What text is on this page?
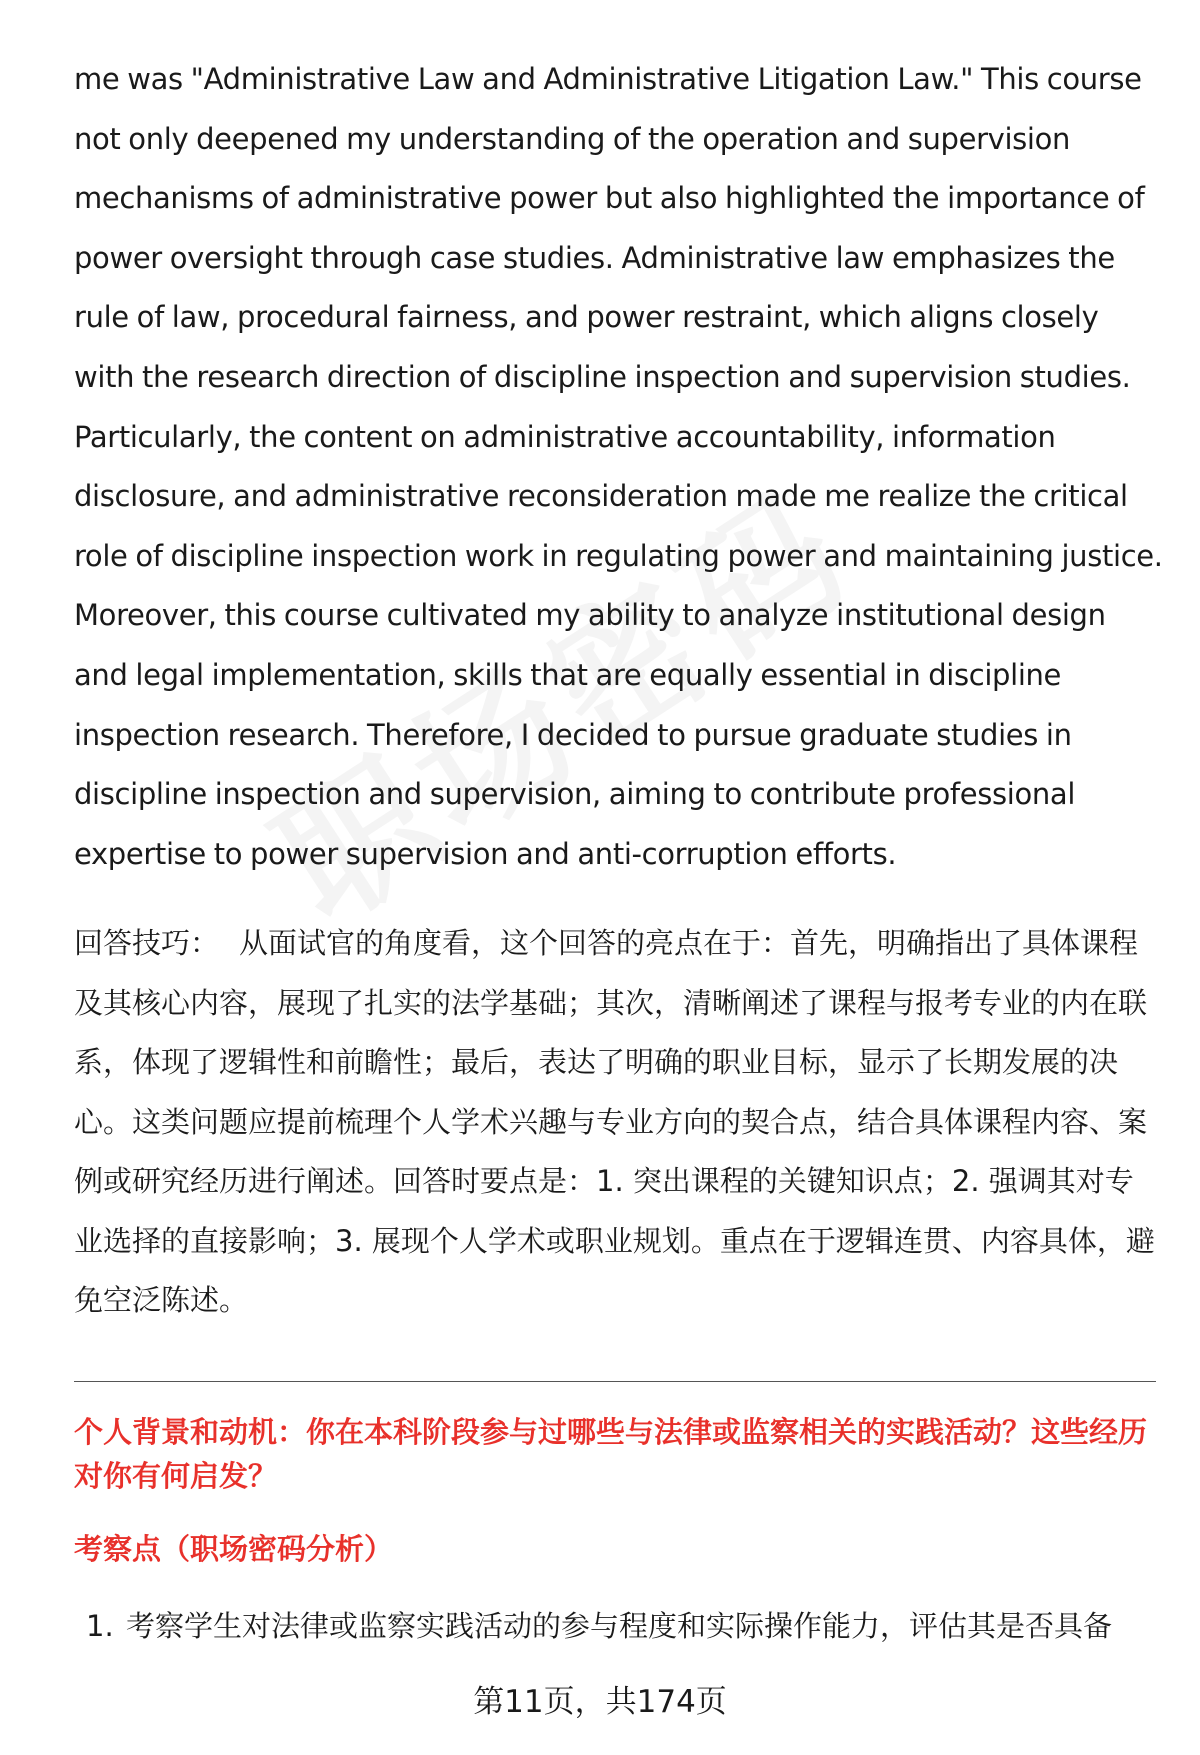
me was "Administrative Law and Administrative Litigation Law." This course not only deepened my understanding of the operation and supervision mechanisms of administrative power but also highlighted the importance of power oversight through case studies. Administrative law emphasizes the rule of law, procedural fairness, and power restraint, which aligns closely with the research direction of discipline inspection and supervision studies. Particularly, the content on administrative accountability, information disclosure, and administrative reconsideration made me realize the critical role of discipline inspection work in regulating power and maintaining justice. Moreover, this course cultivated my ability to analyze institutional design and legal implementation, skills that are equally essential in discipline inspection research. Therefore, I decided to pursue graduate studies in discipline inspection and supervision, aiming to contribute professional expertise to power supervision and anti-corruption efforts.

回答技巧： 从面试官的角度看，这个回答的亮点在于：首先，明确指出了具体课程及其核心内容，展现了扎实的法学基础；其次，清晰阐述了课程与报考专业的内在联系，体现了逻辑性和前瞻性；最后，表达了明确的职业目标，显示了长期发展的决心。这类问题应提前梳理个人学术兴趣与专业方向的契合点，结合具体课程内容、案例或研究经历进行阐述。回答时要点是：1. 突出课程的关键知识点；2. 强调其对专业选择的直接影响；3. 展现个人学术或职业规划。重点在于逻辑连贯、内容具体，避免空泛陈述。

个人背景和动机：你在本科阶段参与过哪些与法律或监察相关的实践活动？这些经历对你有何启发？
考察点（职场密码分析）

1. 考察学生对法律或监察实践活动的参与程度和实际操作能力，评估其是否具备

第11页，共174页
